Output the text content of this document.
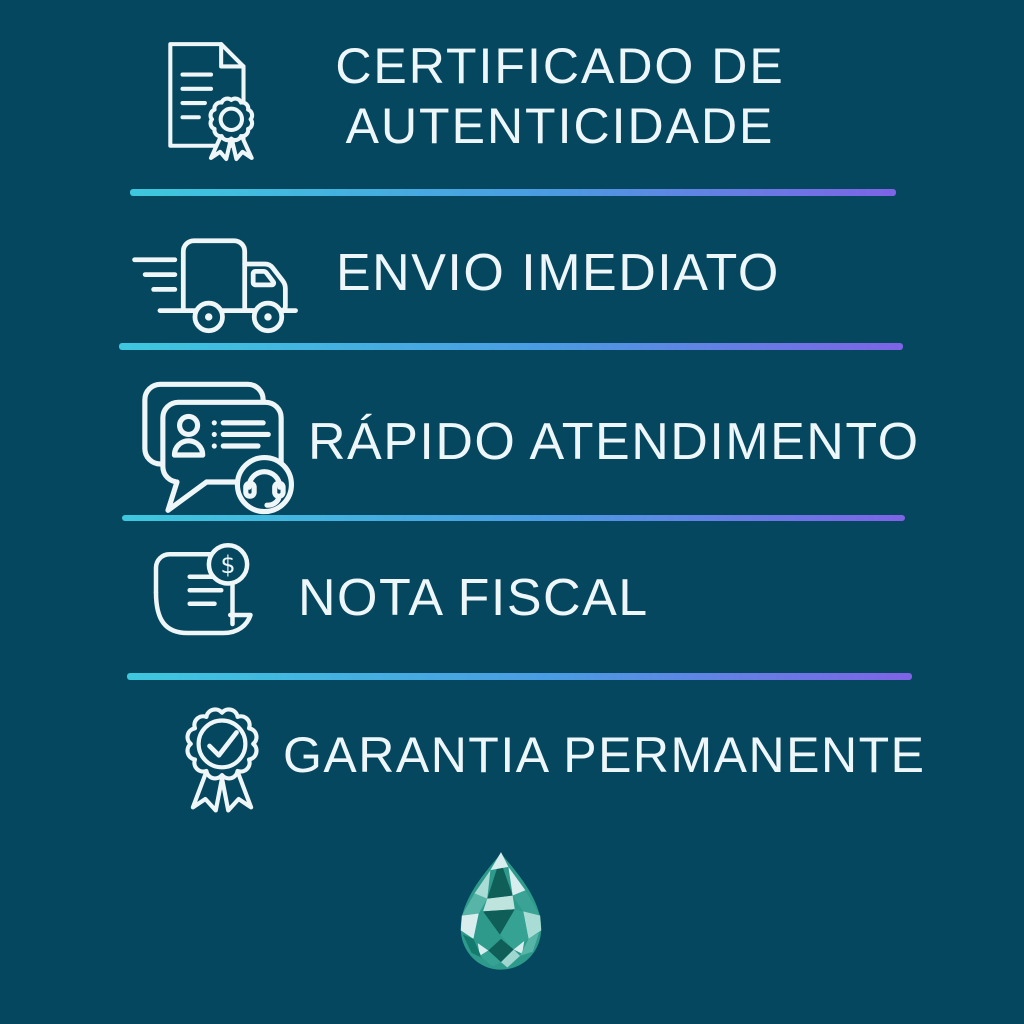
CERTIFICADO DE
AUTENTICIDADE
ENVIO IMEDIATO
RÁPIDO ATENDIMENTO
$
NOTA FISCAL
GARANTIA PERMANENTE
